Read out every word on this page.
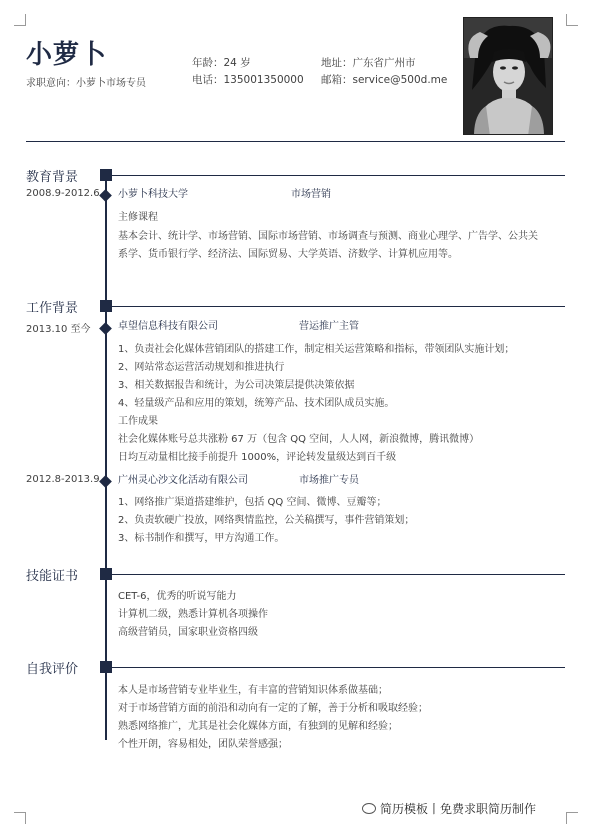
小萝卜
求职意向：小萝卜市场专员
年龄：24 岁
电话：135001350000
地址：广东省广州市
邮箱：service@500d.me
教育背景
2008.9-2012.6 小萝卜科技大学	市场营销
主修课程
基本会计、统计学、市场营销、国际市场营销、市场调查与预测、商业心理学、广告学、公共关
系学、货币银行学、经济法、国际贸易、大学英语、济数学、计算机应用等。
工作背景
2013.10 至今	卓望信息科技有限公司	营运推广主管
1、负责社会化媒体营销团队的搭建工作，制定相关运营策略和指标，带领团队实施计划；
2、网站常态运营活动规划和推进执行
3、相关数据报告和统计，为公司决策层提供决策依据
4、轻量级产品和应用的策划，统筹产品、技术团队成员实施。
工作成果
社会化媒体账号总共涨粉 67 万（包含 QQ 空间，人人网，新浪微博，腾讯微博）
日均互动量相比接手前提升 1000%，评论转发量级达到百千级
2012.8-2013.9 广州灵心沙文化活动有限公司	市场推广专员
1、网络推广渠道搭建维护，包括 QQ 空间、微博、豆瓣等；
2、负责软硬广投放，网络舆情监控，公关稿撰写，事件营销策划；
3、标书制作和撰写，甲方沟通工作。
技能证书
CET-6，优秀的听说写能力
计算机二级，熟悉计算机各项操作
高级营销员，国家职业资格四级
自我评价
本人是市场营销专业毕业生，有丰富的营销知识体系做基础；
对于市场营销方面的前沿和动向有一定的了解，善于分析和吸取经验；
熟悉网络推广，尤其是社会化媒体方面，有独到的见解和经验；
个性开朗，容易相处，团队荣誉感强；
简历模板丨免费求职简历制作
